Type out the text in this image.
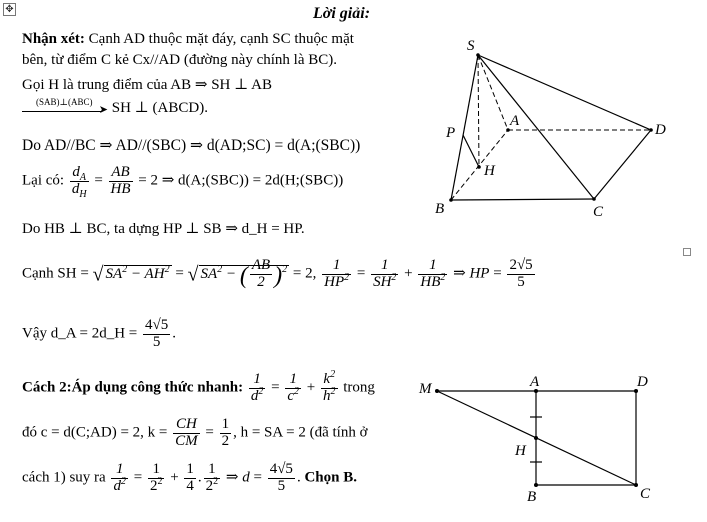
✥	Lời giải:
Nhận xét: Cạnh AD thuộc mặt đáy, cạnh SC thuộc mặt
bên, từ điểm C kẻ Cx//AD (đường này chính là BC).
Gọi H là trung điểm của AB ⇒ SH ⊥ AB
(SAB)⊥(ABC)
➤ SH ⊥ (ABCD).
Do AD//BC ⇒ AD//(SBC) ⇒ d(AD;SC) = d(A;(SBC))
Lại có: $\frac{d_A}{d_H} = \frac{AB}{HB} = 2$ ⇒ d(A;(SBC)) = 2d(H;(SBC))
Do HB ⊥ BC, ta dựng HP ⊥ SB ⇒ d_H = HP.
Cạnh SH = √ $SA^2 - AH^2$ = √ $SA^2$ − ( $\frac{AB}{2} )^2 = 2$, $\frac{1}{HP^2} = \frac{1}{SH^2} + \frac{1}{HB^2}$ ⇒ HP = $\frac{2√5}{5}$
Vậy d_A = 2d_H = $\frac{4√5}{5}$ .
Cách 2:Áp dụng công thức nhanh: $\frac{1}{d^2} = \frac{1}{c^2} + \frac{k^2}{h^2}$ trong
đó c = d(C;AD) = 2, $k = \frac{CH}{CM} = \frac{1}{2}$ , h = SA = 2 (đã tính ở
cách 1) suy ra $\frac{1}{d^2} = \frac{1}{2^2} + \frac{1}{4}$ . $\frac{1}{2^2}$ ⇒ $d = \frac{4√5}{5}$ . Chọn B.
S
A
D
P
H
B	C
M	A	D
H
B	C
